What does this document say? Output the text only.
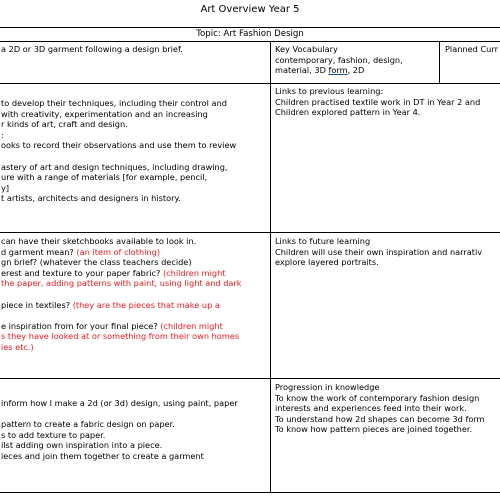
Art Overview Year 5
Topic: Art Fashion Design

a 2D or 3D garment following a design brief.	Key Vocabulary

contemporary, fashion, design,

material, 3D form, 2D

Planned Curr

to develop their techniques, including their control and

with creativity, experimentation and an increasing

r kinds of art, craft and design.

:

ooks to record their observations and use them to review

astery of art and design techniques, including drawing,

ure with a range of materials [for example, pencil,

y]

t artists, architects and designers in history.

Links to previous learning:

Children practised textile work in DT in Year 2 and

Children explored pattern in Year 4.

can have their sketchbooks available to look in.

d garment mean? (an item of clothing)

gn brief? (whatever the class teachers decide)

erest and texture to your paper fabric? (children might

the paper, adding patterns with paint, using light and dark

piece in textiles? (they are the pieces that make up a

e inspiration from for your final piece? (children might

s they have looked at or something from their own homes

ies etc.)

Links to future learning

Children will use their own inspiration and narrativ

explore layered portraits.

inform how I make a 2d (or 3d) design, using paint, paper

pattern to create a fabric design on paper.

s to add texture to paper.

ilst adding own inspiration into a piece.

ieces and join them together to create a garment

Progression in knowledge

To know the work of contemporary fashion design

interests and experiences feed into their work.

To understand how 2d shapes can become 3d form

To know how pattern pieces are joined together.
